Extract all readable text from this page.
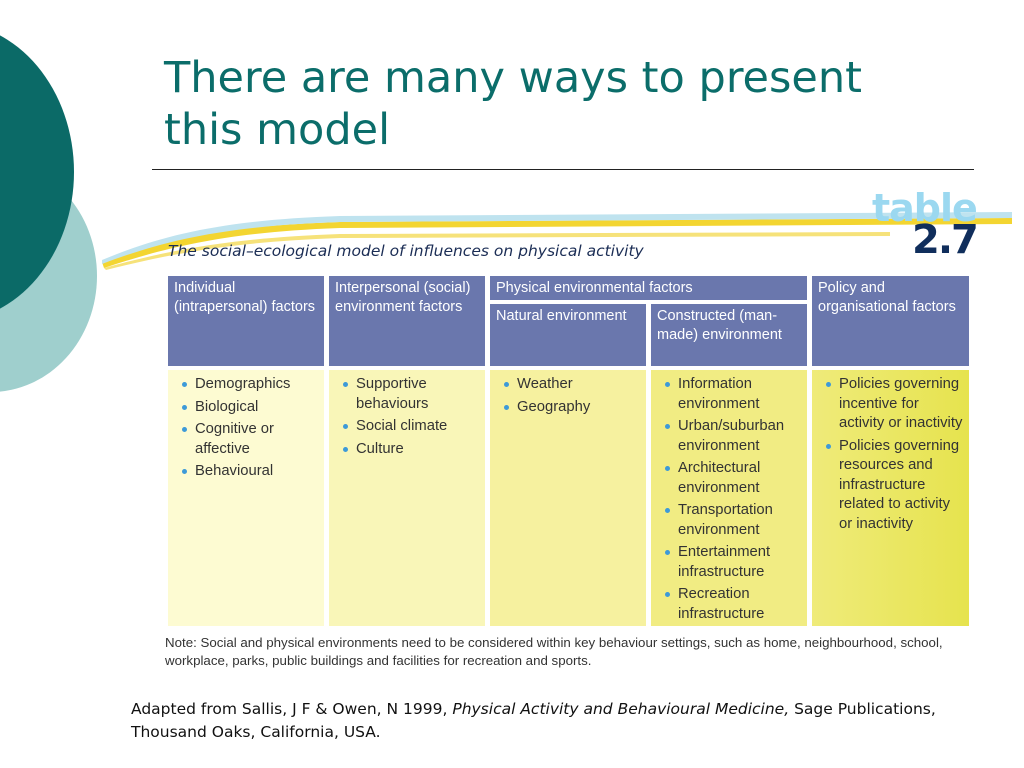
There are many ways to present this model
table
2.7
The social–ecological model of influences on physical activity
Individual (intrapersonal) factors
Interpersonal (social) environment factors
Physical environmental factors
Natural environment	Constructed (man-made) environment
Policy and organisational factors
Demographics
Biological
Cognitive or affective
Behavioural
Supportive behaviours
Social climate
Culture
Weather
Geography
Information environment
Urban/suburban environment
Architectural environment
Transportation environment
Entertainment infrastructure
Recreation infrastructure
Policies governing incentive for activity or inactivity
Policies governing resources and infrastructure related to activity or inactivity
Note: Social and physical environments need to be considered within key behaviour settings, such as home, neighbourhood, school, workplace, parks, public buildings and facilities for recreation and sports.
Adapted from Sallis, J F & Owen, N 1999, Physical Activity and Behavioural Medicine, Sage Publications, Thousand Oaks, California, USA.
